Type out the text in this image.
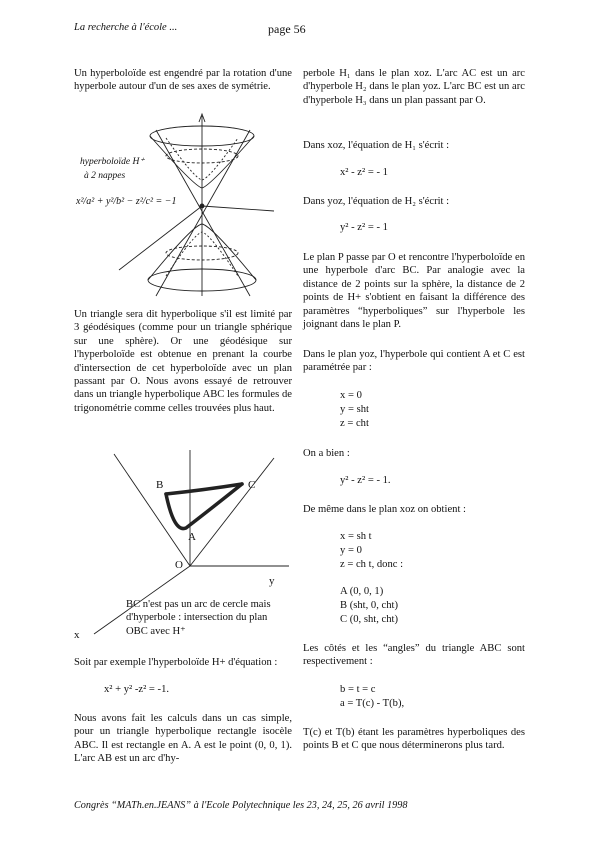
La recherche à l'école ...	page 56

Un hyperboloïde est engendré par la rotation d'une hyperbole autour d'un de ses axes de symétrie.

hyperboloïde H⁺
à 2 nappes
x²/a² + y²/b² − z²/c² = −1

Un triangle sera dit hyperbolique s'il est limité par 3 géodésiques (comme pour un triangle sphérique sur une sphère). Or une géodésique sur l'hyperboloïde est obtenue en prenant la courbe d'intersection de cet hyperboloïde avec un plan passant par O. Nous avons essayé de retrouver dans un triangle hyperbolique ABC les formules de trigonométrie comme celles trouvées plus haut.

B	C
A
O
y
x
BC n'est pas un arc de cercle mais
d'hyperbole : intersection du plan
OBC avec H⁺

Soit par exemple l'hyperboloïde H+ d'équation :

x² + y² -z² = -1.

Nous avons fait les calculs dans un cas simple, pour un triangle hyperbolique rectangle isocèle ABC. Il est rectangle en A. A est le point (0, 0, 1). L'arc AB est un arc d'hy-

perbole H₁ dans le plan xoz. L'arc AC est un arc d'hyperbole H₂ dans le plan yoz. L'arc BC est un arc d'hyperbole H₃ dans un plan passant par O.

Dans xoz, l'équation de H₁ s'écrit :

x² - z² = - 1

Dans yoz, l'équation de H₂ s'écrit :

y² - z² = - 1

Le plan P passe par O et rencontre l'hyperboloïde en une hyperbole d'arc BC. Par analogie avec la distance de 2 points sur la sphère, la distance de 2 points de H+ s'obtient en faisant la différence des paramètres “hyperboliques” sur l'hyperbole les joignant dans le plan P.

Dans le plan yoz, l'hyperbole qui contient A et C est paramétrée par :

x = 0
y = sht
z = cht

On a bien :

y² - z² = - 1.

De même dans le plan xoz on obtient :

x = sh t
y = 0
z = ch t, donc :
A (0, 0, 1)
B (sht, 0, cht)
C (0, sht, cht)

Les côtés et les “angles” du triangle ABC sont respectivement :

b = t = c
a = T(c) - T(b),

T(c) et T(b) étant les paramètres hyperboliques des points B et C que nous déterminerons plus tard.

Congrès “MATh.en.JEANS” à l'Ecole Polytechnique les 23, 24, 25, 26 avril 1998
